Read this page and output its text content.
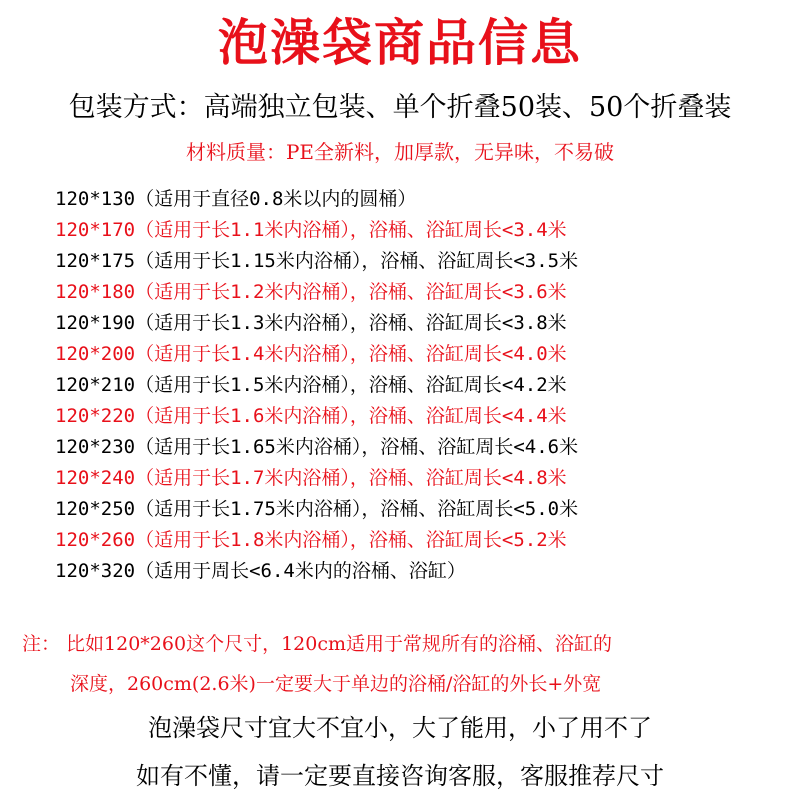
泡澡袋商品信息
包装方式：高端独立包装、单个折叠50装、50个折叠装
材料质量：PE全新料，加厚款，无异味，不易破
120*130（适用于直径0.8米以内的圆桶）
120*170（适用于长1.1米内浴桶），浴桶、浴缸周长<3.4米
120*175（适用于长1.15米内浴桶），浴桶、浴缸周长<3.5米
120*180（适用于长1.2米内浴桶），浴桶、浴缸周长<3.6米
120*190（适用于长1.3米内浴桶），浴桶、浴缸周长<3.8米
120*200（适用于长1.4米内浴桶），浴桶、浴缸周长<4.0米
120*210（适用于长1.5米内浴桶），浴桶、浴缸周长<4.2米
120*220（适用于长1.6米内浴桶），浴桶、浴缸周长<4.4米
120*230（适用于长1.65米内浴桶），浴桶、浴缸周长<4.6米
120*240（适用于长1.7米内浴桶），浴桶、浴缸周长<4.8米
120*250（适用于长1.75米内浴桶），浴桶、浴缸周长<5.0米
120*260（适用于长1.8米内浴桶），浴桶、浴缸周长<5.2米
120*320（适用于周长<6.4米内的浴桶、浴缸）
注： 比如120*260这个尺寸，120cm适用于常规所有的浴桶、浴缸的
深度，260cm(2.6米)一定要大于单边的浴桶/浴缸的外长+外宽
泡澡袋尺寸宜大不宜小，大了能用，小了用不了
如有不懂，请一定要直接咨询客服，客服推荐尺寸
